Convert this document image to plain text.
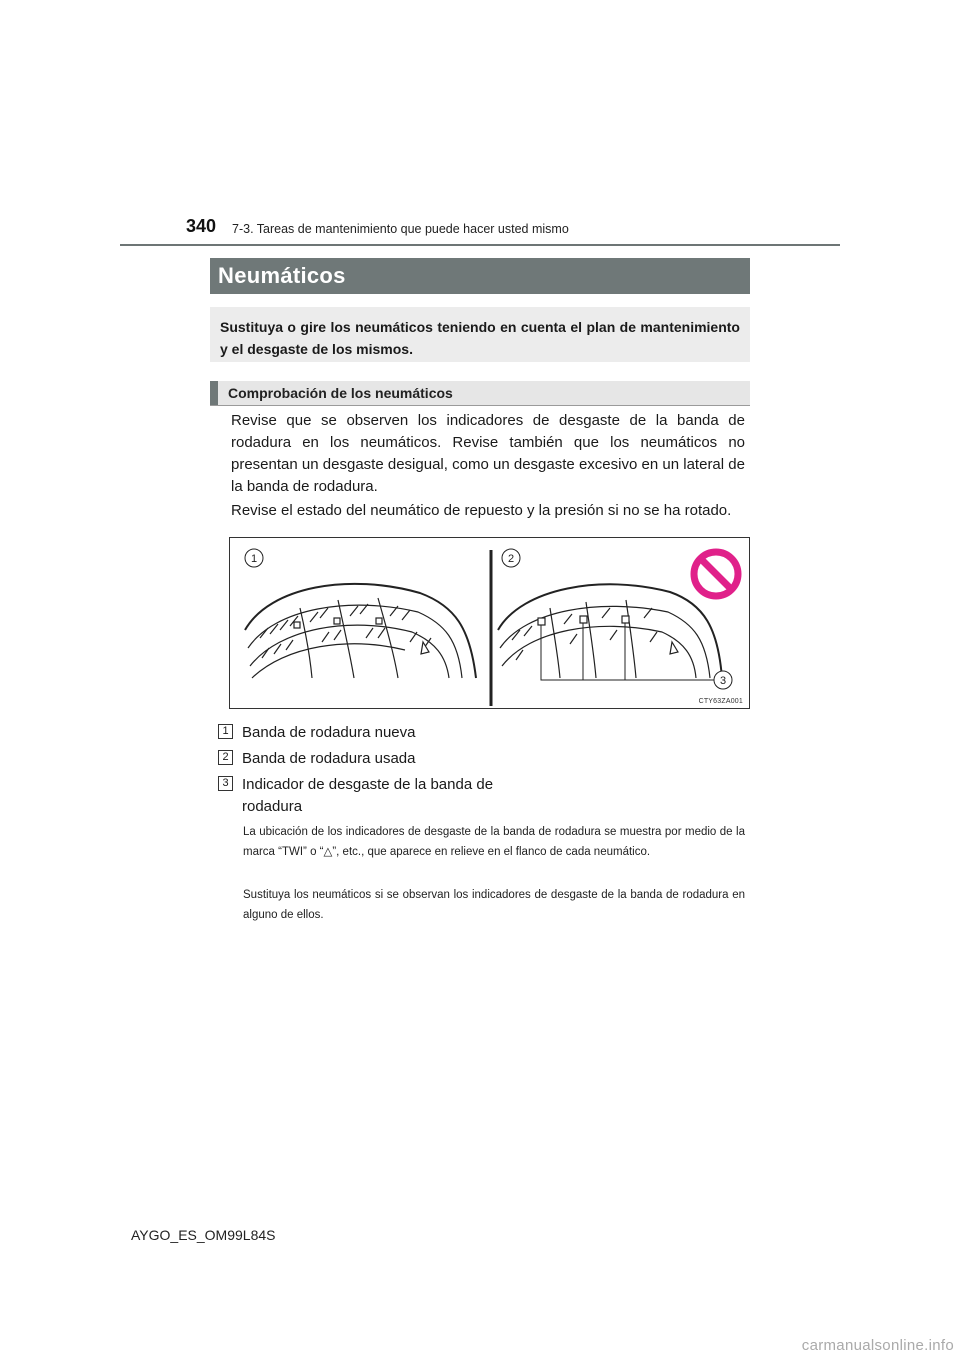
340 7-3. Tareas de mantenimiento que puede hacer usted mismo
Neumáticos
Sustituya o gire los neumáticos teniendo en cuenta el plan de mantenimiento y el desgaste de los mismos.
Comprobación de los neumáticos
Revise que se observen los indicadores de desgaste de la banda de rodadura en los neumáticos. Revise también que los neumáticos no presentan un desgaste desigual, como un desgaste excesivo en un lateral de la banda de rodadura.
Revise el estado del neumático de repuesto y la presión si no se ha rotado.
1	2
3
CTY63ZA001
1 Banda de rodadura nueva
2 Banda de rodadura usada
3 Indicador de desgaste de la banda de rodadura
La ubicación de los indicadores de desgaste de la banda de rodadura se muestra por medio de la marca “TWI” o “△”, etc., que aparece en relieve en el flanco de cada neumático.
Sustituya los neumáticos si se observan los indicadores de desgaste de la banda de rodadura en alguno de ellos.
AYGO_ES_OM99L84S
carmanualsonline.info
